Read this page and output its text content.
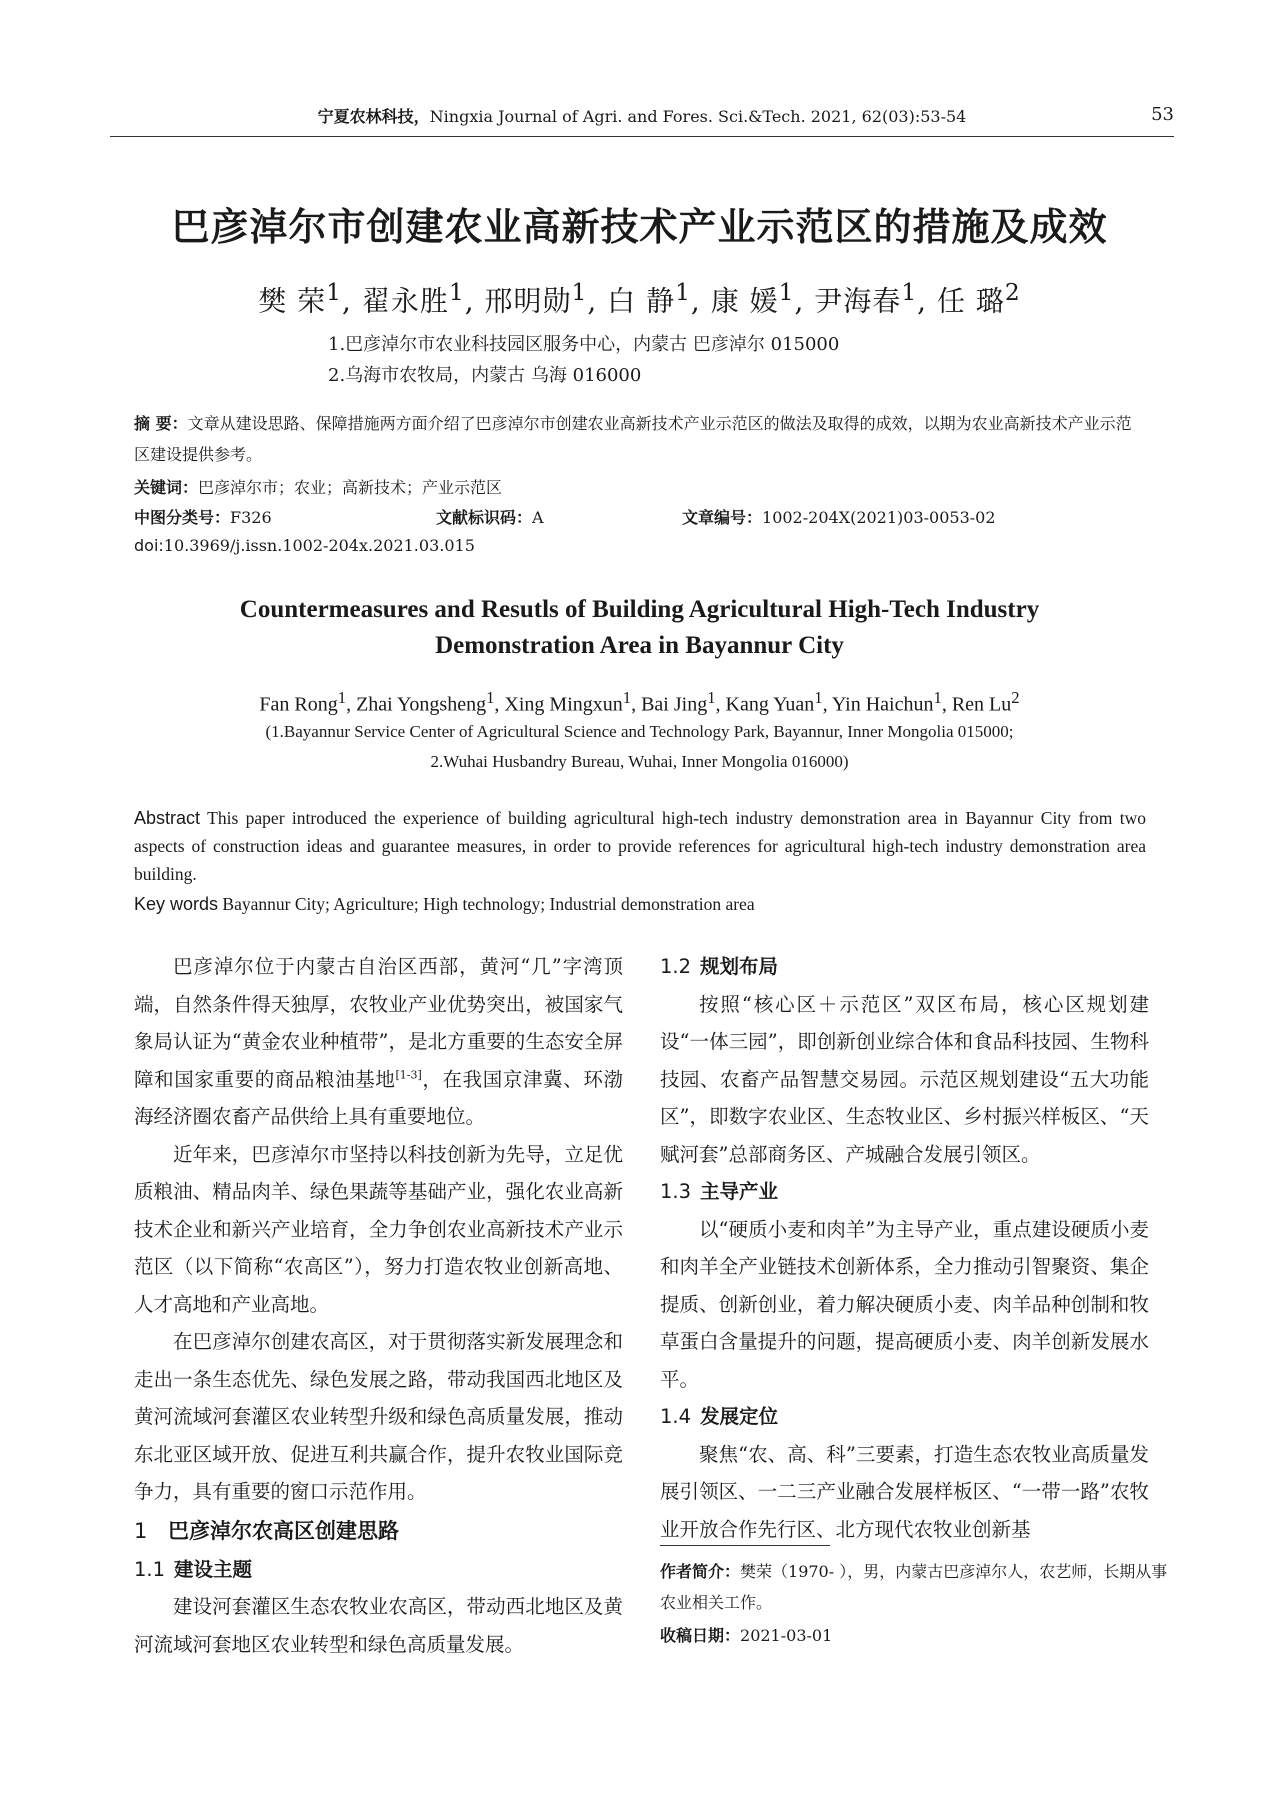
宁夏农林科技，Ningxia Journal of Agri. and Fores. Sci.&Tech. 2021, 62(03):53-54	53
巴彦淖尔市创建农业高新技术产业示范区的措施及成效
樊 荣$^1$, 翟永胜$^1$, 邢明勋$^1$, 白 静$^1$, 康 媛$^1$, 尹海春$^1$, 任 璐$^2$
1.巴彦淖尔市农业科技园区服务中心，内蒙古 巴彦淖尔 015000
2.乌海市农牧局，内蒙古 乌海 016000
摘 要：文章从建设思路、保障措施两方面介绍了巴彦淖尔市创建农业高新技术产业示范区的做法及取得的成效，以期为农业高新技术产业示范区建设提供参考。
关键词：巴彦淖尔市；农业；高新技术；产业示范区
中图分类号：F326	文献标识码：A	文章编号：1002-204X(2021)03-0053-02
doi:10.3969/j.issn.1002-204x.2021.03.015
Countermeasures and Resutls of Building Agricultural High-Tech Industry
Demonstration Area in Bayannur City
Fan Rong$^1$, Zhai Yongsheng$^1$, Xing Mingxun$^1$, Bai Jing$^1$, Kang Yuan$^1$, Yin Haichun$^1$, Ren Lu$^2$
(1.Bayannur Service Center of Agricultural Science and Technology Park, Bayannur, Inner Mongolia 015000;
2.Wuhai Husbandry Bureau, Wuhai, Inner Mongolia 016000)
Abstract This paper introduced the experience of building agricultural high-tech industry demonstration area in Bayannur City from two aspects of construction ideas and guarantee measures, in order to provide references for agricultural high-tech industry demonstration area building.
Key words Bayannur City; Agriculture; High technology; Industrial demonstration area

巴彦淖尔位于内蒙古自治区西部，黄河“几”字湾顶端，自然条件得天独厚，农牧业产业优势突出，被国家气象局认证为“黄金农业种植带”，是北方重要的生态安全屏障和国家重要的商品粮油基地[1-3]，在我国京津冀、环渤海经济圈农畜产品供给上具有重要地位。

近年来，巴彦淖尔市坚持以科技创新为先导，立足优质粮油、精品肉羊、绿色果蔬等基础产业，强化农业高新技术企业和新兴产业培育，全力争创农业高新技术产业示范区（以下简称“农高区”），努力打造农牧业创新高地、人才高地和产业高地。

在巴彦淖尔创建农高区，对于贯彻落实新发展理念和走出一条生态优先、绿色发展之路，带动我国西北地区及黄河流域河套灌区农业转型升级和绿色高质量发展，推动东北亚区域开放、促进互利共赢合作，提升农牧业国际竞争力，具有重要的窗口示范作用。

1 巴彦淖尔农高区创建思路
1.1 建设主题

建设河套灌区生态农牧业农高区，带动西北地区及黄河流域河套地区农业转型和绿色高质量发展。

1.2 规划布局

按照“核心区＋示范区”双区布局，核心区规划建设“一体三园”，即创新创业综合体和食品科技园、生物科技园、农畜产品智慧交易园。示范区规划建设“五大功能区”，即数字农业区、生态牧业区、乡村振兴样板区、“天赋河套”总部商务区、产城融合发展引领区。

1.3 主导产业

以“硬质小麦和肉羊”为主导产业，重点建设硬质小麦和肉羊全产业链技术创新体系，全力推动引智聚资、集企提质、创新创业，着力解决硬质小麦、肉羊品种创制和牧草蛋白含量提升的问题，提高硬质小麦、肉羊创新发展水平。

1.4 发展定位

聚焦“农、高、科”三要素，打造生态农牧业高质量发展引领区、一二三产业融合发展样板区、“一带一路”农牧业开放合作先行区、北方现代农牧业创新基

作者简介：樊荣（1970- ），男，内蒙古巴彦淖尔人，农艺师，长期从事农业相关工作。
收稿日期：2021-03-01
